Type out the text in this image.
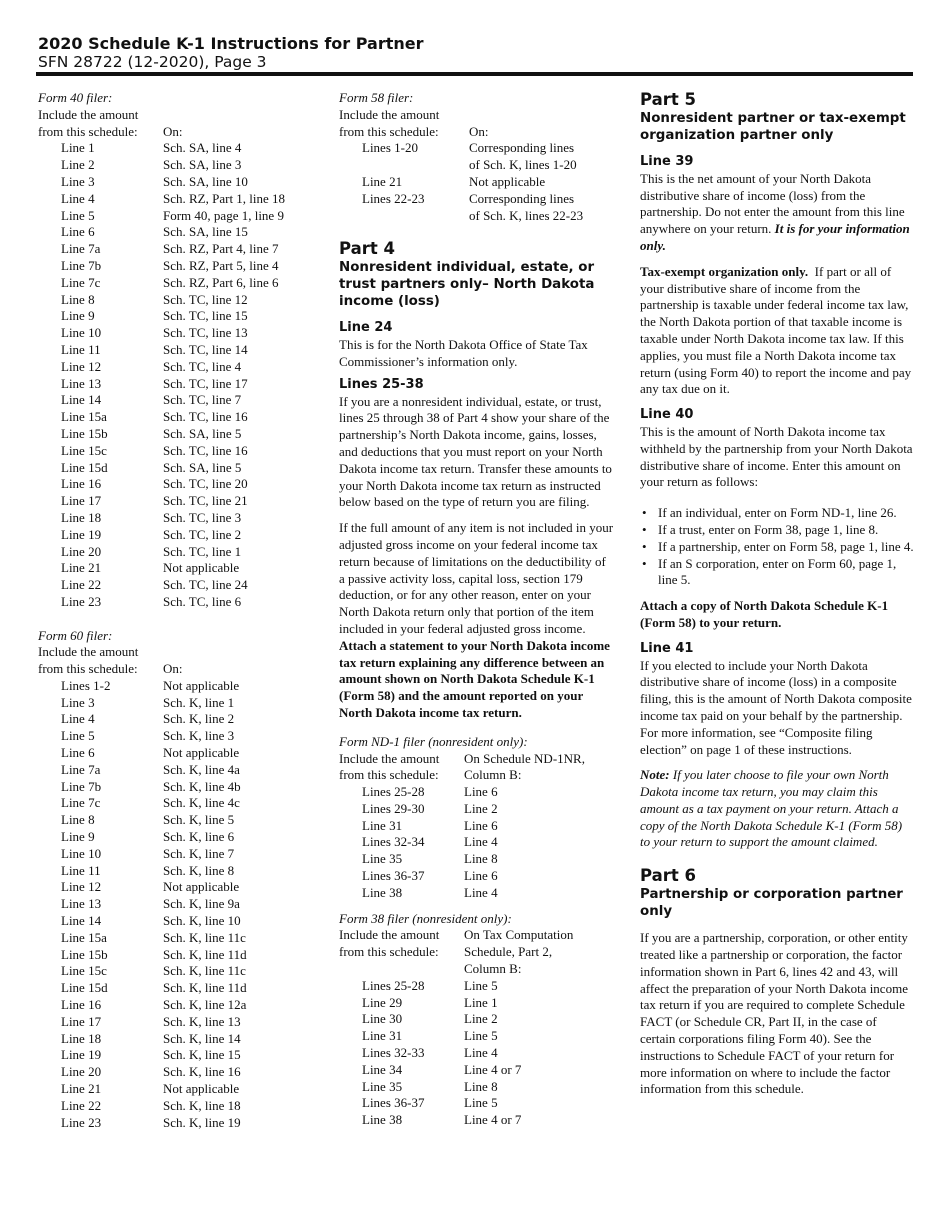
2020 Schedule K-1 Instructions for Partner
SFN 28722 (12-2020), Page 3
Form 40 filer:
Include the amount
from this schedule:	On:
Line 1	Sch. SA, line 4
Line 2	Sch. SA, line 3
Line 3	Sch. SA, line 10
Line 4	Sch. RZ, Part 1, line 18
Line 5	Form 40, page 1, line 9
Line 6	Sch. SA, line 15
Line 7a	Sch. RZ, Part 4, line 7
Line 7b	Sch. RZ, Part 5, line 4
Line 7c	Sch. RZ, Part 6, line 6
Line 8	Sch. TC, line 12
Line 9	Sch. TC, line 15
Line 10	Sch. TC, line 13
Line 11	Sch. TC, line 14
Line 12	Sch. TC, line 4
Line 13	Sch. TC, line 17
Line 14	Sch. TC, line 7
Line 15a	Sch. TC, line 16
Line 15b	Sch. SA, line 5
Line 15c	Sch. TC, line 16
Line 15d	Sch. SA, line 5
Line 16	Sch. TC, line 20
Line 17	Sch. TC, line 21
Line 18	Sch. TC, line 3
Line 19	Sch. TC, line 2
Line 20	Sch. TC, line 1
Line 21	Not applicable
Line 22	Sch. TC, line 24
Line 23	Sch. TC, line 6
Form 60 filer:
Include the amount
from this schedule:	On:
Lines 1-2	Not applicable
Line 3	Sch. K, line 1
Line 4	Sch. K, line 2
Line 5	Sch. K, line 3
Line 6	Not applicable
Line 7a	Sch. K, line 4a
Line 7b	Sch. K, line 4b
Line 7c	Sch. K, line 4c
Line 8	Sch. K, line 5
Line 9	Sch. K, line 6
Line 10	Sch. K, line 7
Line 11	Sch. K, line 8
Line 12	Not applicable
Line 13	Sch. K, line 9a
Line 14	Sch. K, line 10
Line 15a	Sch. K, line 11c
Line 15b	Sch. K, line 11d
Line 15c	Sch. K, line 11c
Line 15d	Sch. K, line 11d
Line 16	Sch. K, line 12a
Line 17	Sch. K, line 13
Line 18	Sch. K, line 14
Line 19	Sch. K, line 15
Line 20	Sch. K, line 16
Line 21	Not applicable
Line 22	Sch. K, line 18
Line 23	Sch. K, line 19
Form 58 filer:
Include the amount
from this schedule:	On:
Lines 1-20	Corresponding lines
	of Sch. K, lines 1-20
Line 21	Not applicable
Lines 22-23	Corresponding lines
	of Sch. K, lines 22-23
Part 4
Nonresident individual, estate, or trust partners only– North Dakota income (loss)
Line 24

This is for the North Dakota Office of State Tax Commissioner’s information only.

Lines 25-38

If you are a nonresident individual, estate, or trust, lines 25 through 38 of Part 4 show your share of the partnership’s North Dakota income, gains, losses, and deductions that you must report on your North Dakota income tax return. Transfer these amounts to your North Dakota income tax return as instructed below based on the type of return you are filing.

If the full amount of any item is not included in your adjusted gross income on your federal income tax return because of limitations on the deductibility of a passive activity loss, capital loss, section 179 deduction, or for any other reason, enter on your North Dakota return only that portion of the item included in your federal adjusted gross income. Attach a statement to your North Dakota income tax return explaining any difference between an amount shown on North Dakota Schedule K-1 (Form 58) and the amount reported on your North Dakota income tax return.

Form ND-1 filer (nonresident only):
Include the amount	On Schedule ND-1NR,
from this schedule:	Column B:
Lines 25-28	Line 6
Lines 29-30	Line 2
Line 31	Line 6
Lines 32-34	Line 4
Line 35	Line 8
Lines 36-37	Line 6
Line 38	Line 4
Form 38 filer (nonresident only):
Include the amount	On Tax Computation
from this schedule:	Schedule, Part 2,
	Column B:
Lines 25-28	Line 5
Line 29	Line 1
Line 30	Line 2
Line 31	Line 5
Lines 32-33	Line 4
Line 34	Line 4 or 7
Line 35	Line 8
Lines 36-37	Line 5
Line 38	Line 4 or 7
Part 5
Nonresident partner or tax-exempt organization partner only
Line 39

This is the net amount of your North Dakota distributive share of income (loss) from the partnership. Do not enter the amount from this line anywhere on your return. It is for your information only.

Tax-exempt organization only. If part or all of your distributive share of income from the partnership is taxable under federal income tax law, the North Dakota portion of that taxable income is taxable under North Dakota income tax law. If this applies, you must file a North Dakota income tax return (using Form 40) to report the income and pay any tax due on it.

Line 40

This is the amount of North Dakota income tax withheld by the partnership from your North Dakota distributive share of income. Enter this amount on your return as follows:

• If an individual, enter on Form ND-1, line 26.
• If a trust, enter on Form 38, page 1, line 8.
• If a partnership, enter on Form 58, page 1, line 4.
• If an S corporation, enter on Form 60, page 1, line 5.

Attach a copy of North Dakota Schedule K-1 (Form 58) to your return.

Line 41

If you elected to include your North Dakota distributive share of income (loss) in a composite filing, this is the amount of North Dakota composite income tax paid on your behalf by the partnership. For more information, see “Composite filing election” on page 1 of these instructions.

Note: If you later choose to file your own North Dakota income tax return, you may claim this amount as a tax payment on your return. Attach a copy of the North Dakota Schedule K-1 (Form 58) to your return to support the amount claimed.

Part 6
Partnership or corporation partner only

If you are a partnership, corporation, or other entity treated like a partnership or corporation, the factor information shown in Part 6, lines 42 and 43, will affect the preparation of your North Dakota income tax return if you are required to complete Schedule FACT (or Schedule CR, Part II, in the case of certain corporations filing Form 40). See the instructions to Schedule FACT of your return for more information on where to include the factor information from this schedule.
